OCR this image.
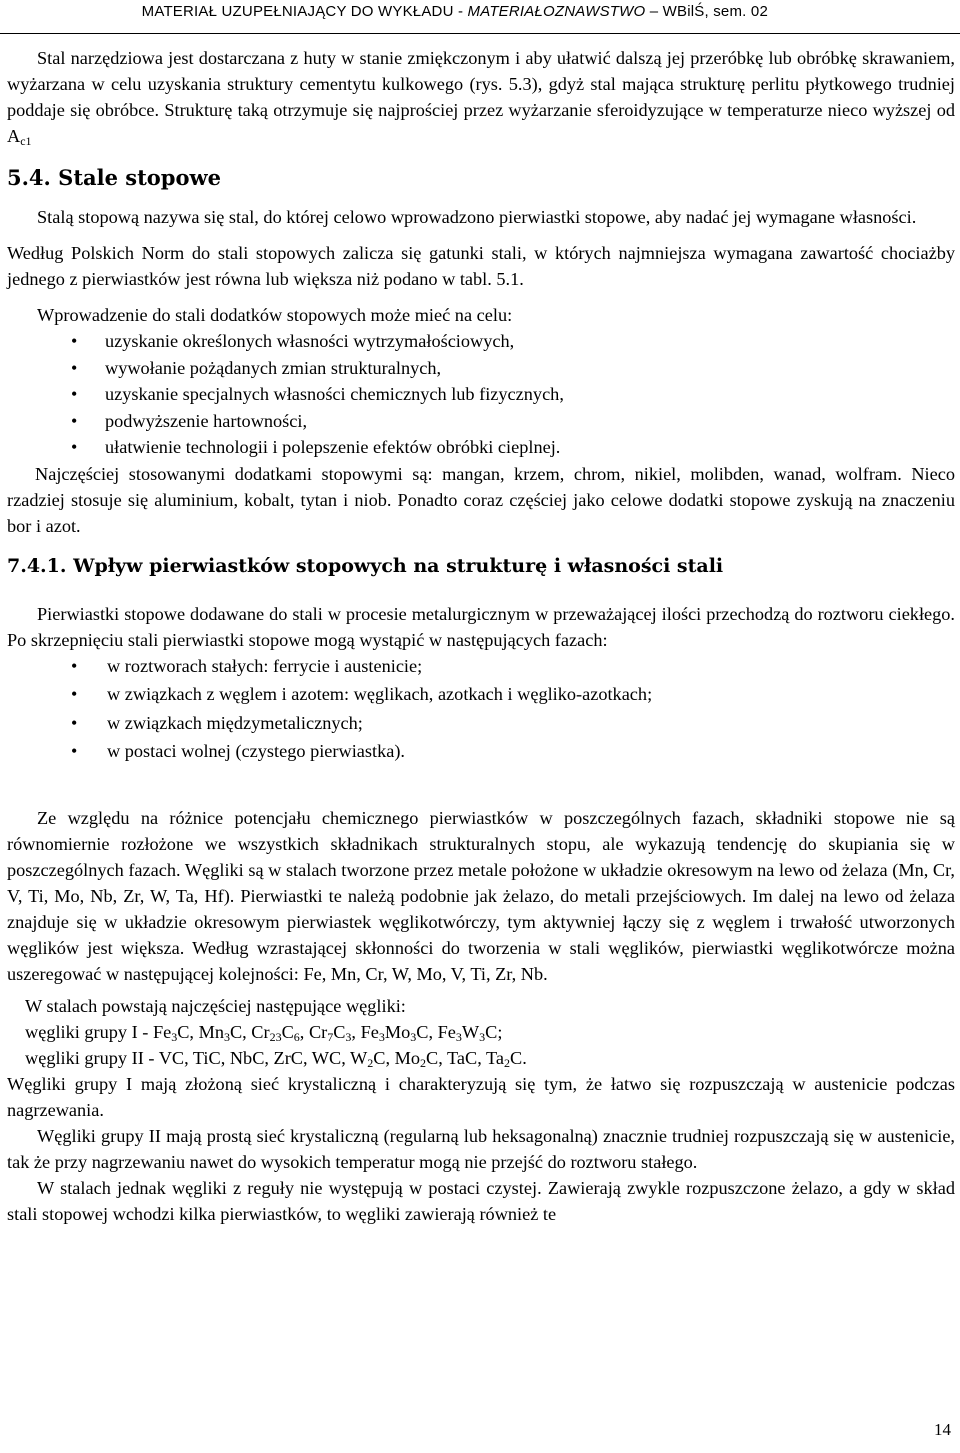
MATERIAŁ UZUPEŁNIAJĄCY DO WYKŁADU - MATERIAŁOZNAWSTWO – WBilŚ, sem. 02

Stal narzędziowa jest dostarczana z huty w stanie zmiękczonym i aby ułatwić dalszą jej przeróbkę lub obróbkę skrawaniem, wyżarzana w celu uzyskania struktury cementytu kulkowego (rys. 5.3), gdyż stal mająca strukturę perlitu płytkowego trudniej poddaje się obróbce. Strukturę taką otrzymuje się najprościej przez wyżarzanie sferoidyzujące w temperaturze nieco wyższej od $A_{c1}$

5.4. Stale stopowe

Stalą stopową nazywa się stal, do której celowo wprowadzono pierwiastki stopowe, aby nadać jej wymagane własności.

Według Polskich Norm do stali stopowych zalicza się gatunki stali, w których najmniejsza wymagana zawartość chociażby jednego z pierwiastków jest równa lub większa niż podano w tabl. 5.1.

Wprowadzenie do stali dodatków stopowych może mieć na celu:

• uzyskanie określonych własności wytrzymałościowych,
• wywołanie pożądanych zmian strukturalnych,
• uzyskanie specjalnych własności chemicznych lub fizycznych,
• podwyższenie hartowności,
• ułatwienie technologii i polepszenie efektów obróbki cieplnej.

Najczęściej stosowanymi dodatkami stopowymi są: mangan, krzem, chrom, nikiel, molibden, wanad, wolfram. Nieco rzadziej stosuje się aluminium, kobalt, tytan i niob. Ponadto coraz częściej jako celowe dodatki stopowe zyskują na znaczeniu bor i azot.

7.4.1. Wpływ pierwiastków stopowych na strukturę i własności stali

Pierwiastki stopowe dodawane do stali w procesie metalurgicznym w przeważającej ilości przechodzą do roztworu ciekłego. Po skrzepnięciu stali pierwiastki stopowe mogą wystąpić w następujących fazach:

• w roztworach stałych: ferrycie i austenicie;
• w związkach z węglem i azotem: węglikach, azotkach i węgliko-azotkach;
• w związkach międzymetalicznych;
• w postaci wolnej (czystego pierwiastka).

Ze względu na różnice potencjału chemicznego pierwiastków w poszczególnych fazach, składniki stopowe nie są równomiernie rozłożone we wszystkich składnikach strukturalnych stopu, ale wykazują tendencję do skupiania się w poszczególnych fazach. Węgliki są w stalach tworzone przez metale położone w układzie okresowym na lewo od żelaza (Mn, Cr, V, Ti, Mo, Nb, Zr, W, Ta, Hf). Pierwiastki te należą podobnie jak żelazo, do metali przejściowych. Im dalej na lewo od żelaza znajduje się w układzie okresowym pierwiastek węglikotwórczy, tym aktywniej łączy się z węglem i trwałość utworzonych węglików jest większa. Według wzrastającej skłonności do tworzenia w stali węglików, pierwiastki węglikotwórcze można uszeregować w następującej kolejności: Fe, Mn, Cr, W, Mo, V, Ti, Zr, Nb.

W stalach powstają najczęściej następujące węgliki:

węgliki grupy I - $Fe_3C$, $Mn_3C$, $Cr_{23}C_6$, $Cr_7C_3$, $Fe_3Mo_3C$, $Fe_3W_3C$;

węgliki grupy II - VC, TiC, NbC, ZrC, WC, $W_2C$, $Mo_2C$, TaC, $Ta_2C$.

Węgliki grupy I mają złożoną sieć krystaliczną i charakteryzują się tym, że łatwo się rozpuszczają w austenicie podczas nagrzewania.

Węgliki grupy II mają prostą sieć krystaliczną (regularną lub heksagonalną) znacznie trudniej rozpuszczają się w austenicie, tak że przy nagrzewaniu nawet do wysokich temperatur mogą nie przejść do roztworu stałego.

W stalach jednak węgliki z reguły nie występują w postaci czystej. Zawierają zwykle rozpuszczone żelazo, a gdy w skład stali stopowej wchodzi kilka pierwiastków, to węgliki zawierają również te

14
